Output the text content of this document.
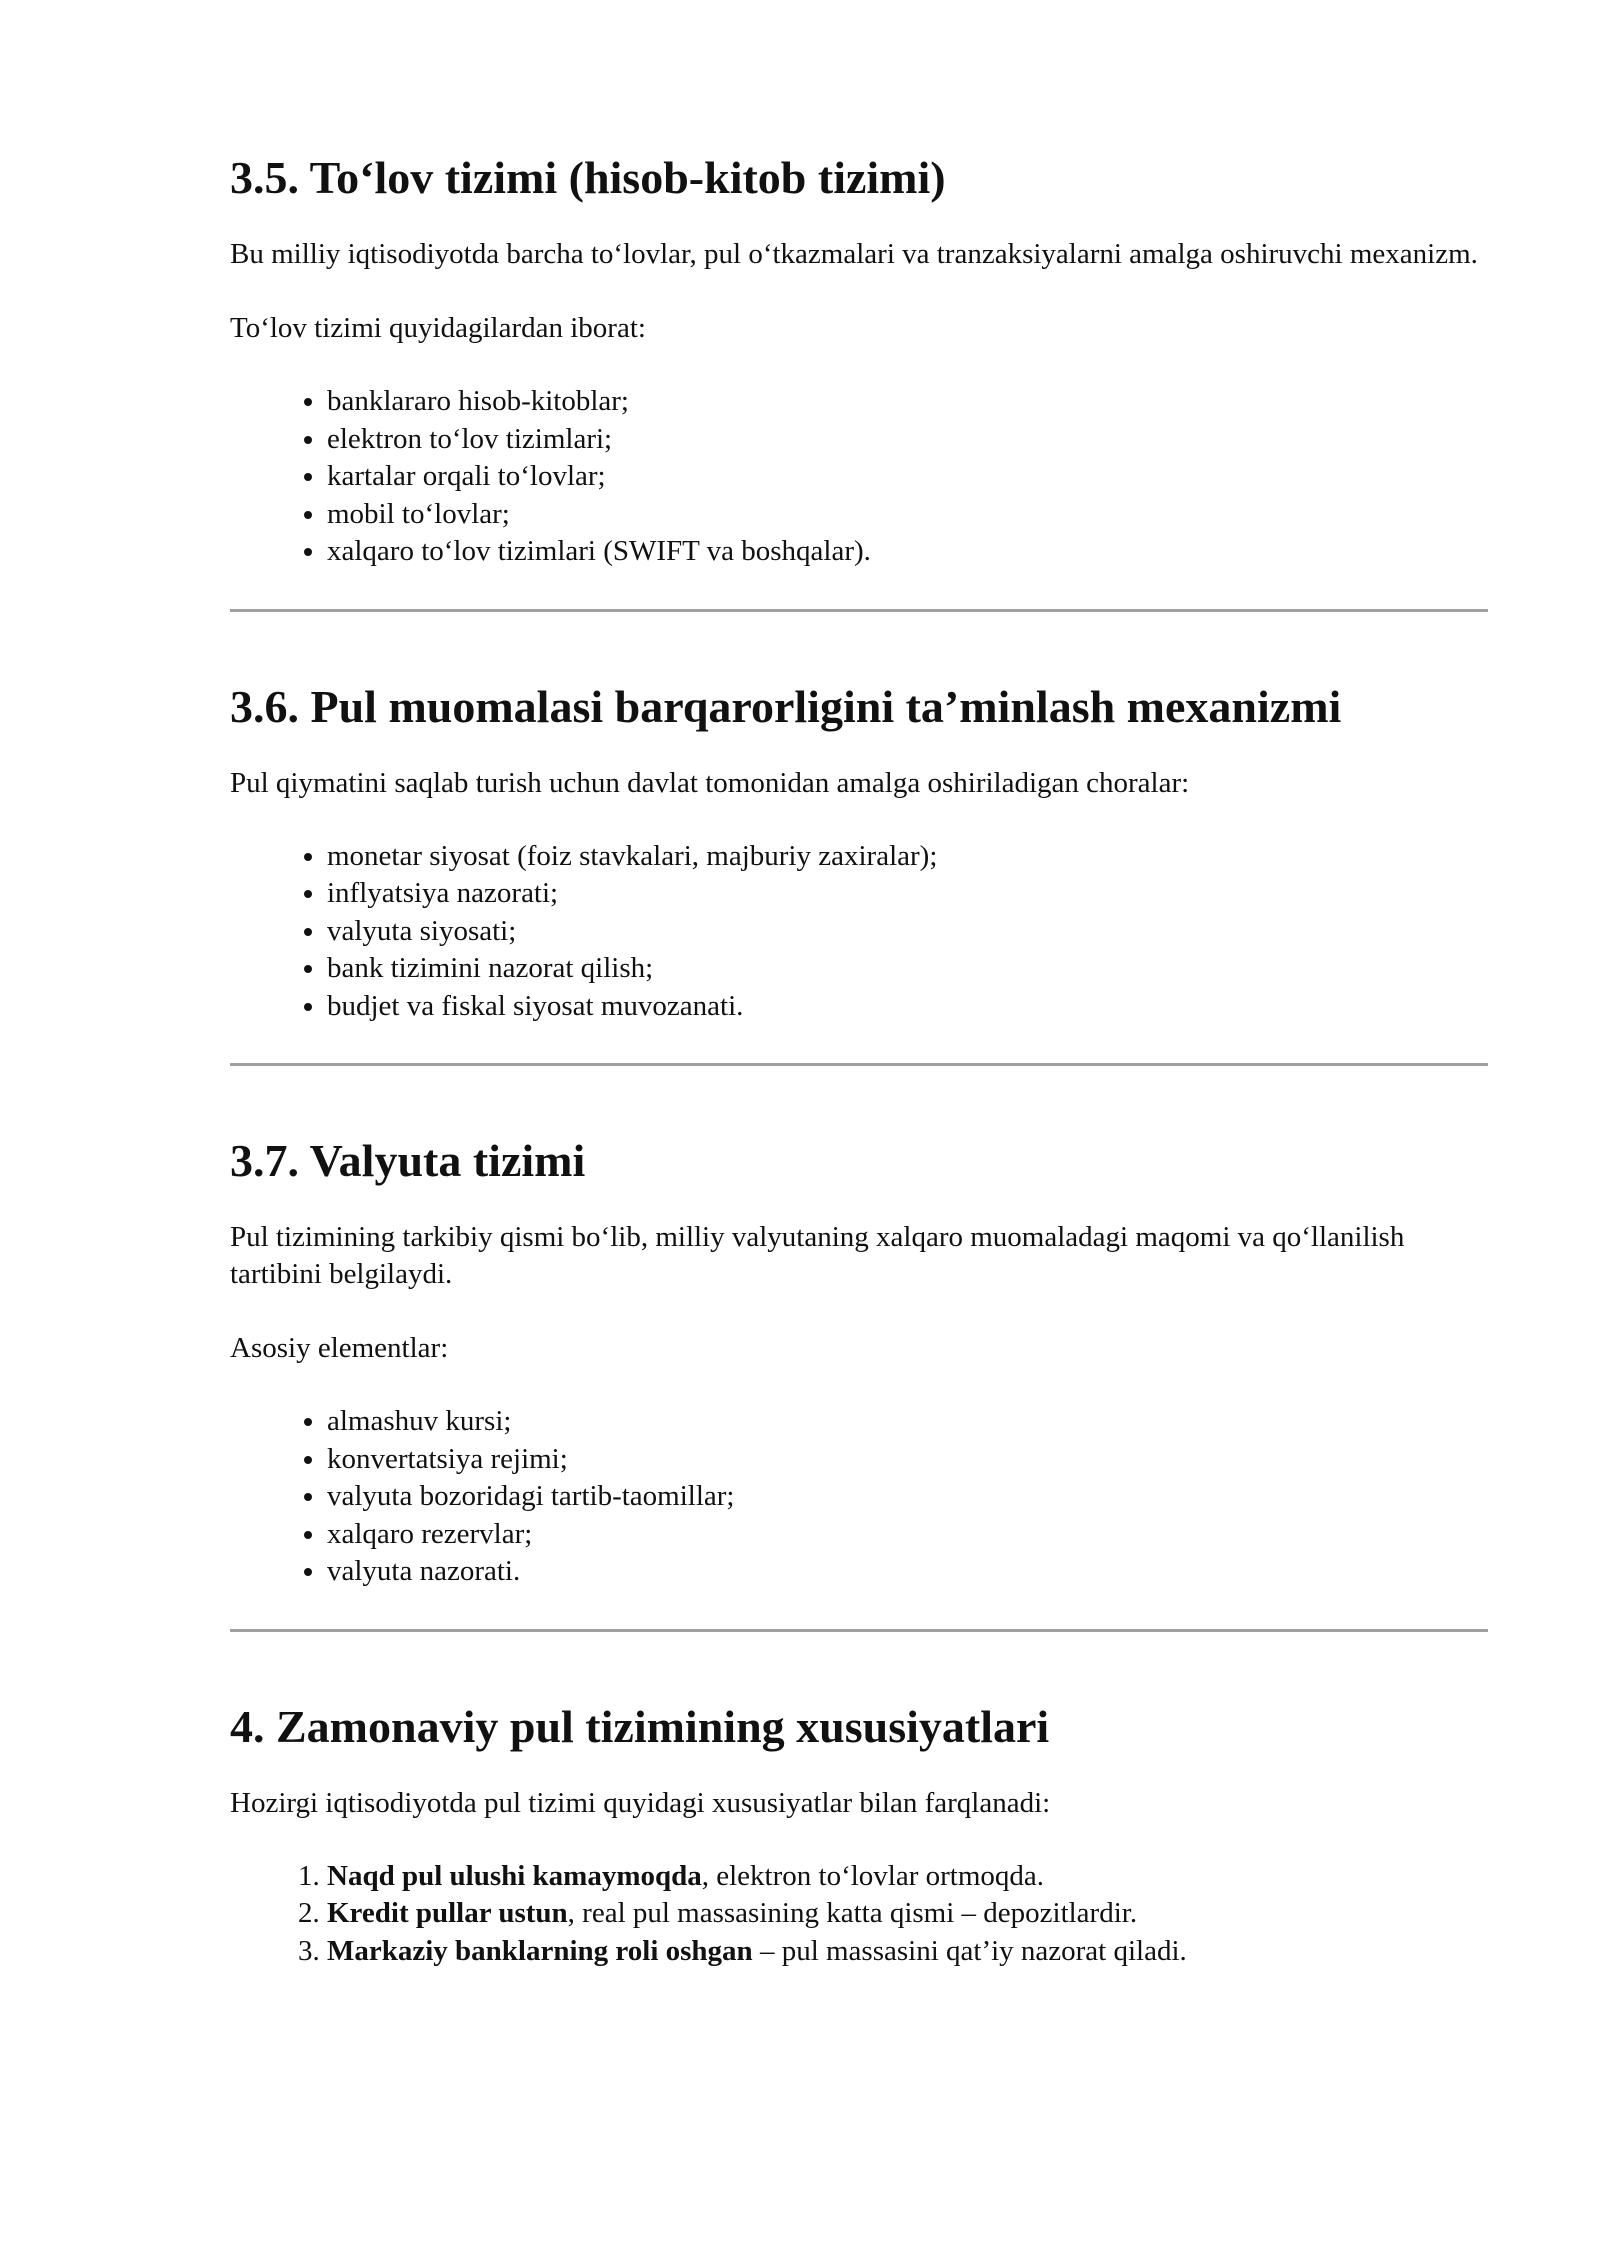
3.5. To‘lov tizimi (hisob-kitob tizimi)

Bu milliy iqtisodiyotda barcha to‘lovlar, pul o‘tkazmalari va tranzaksiyalarni amalga oshiruvchi mexanizm.

To‘lov tizimi quyidagilardan iborat:

• banklararo hisob-kitoblar;
• elektron to‘lov tizimlari;
• kartalar orqali to‘lovlar;
• mobil to‘lovlar;
• xalqaro to‘lov tizimlari (SWIFT va boshqalar).
3.6. Pul muomalasi barqarorligini ta’minlash mexanizmi

Pul qiymatini saqlab turish uchun davlat tomonidan amalga oshiriladigan choralar:

• monetar siyosat (foiz stavkalari, majburiy zaxiralar);
• inflyatsiya nazorati;
• valyuta siyosati;
• bank tizimini nazorat qilish;
• budjet va fiskal siyosat muvozanati.
3.7. Valyuta tizimi

Pul tizimining tarkibiy qismi bo‘lib, milliy valyutaning xalqaro muomaladagi maqomi va qo‘llanilish tartibini belgilaydi.

Asosiy elementlar:

• almashuv kursi;
• konvertatsiya rejimi;
• valyuta bozoridagi tartib-taomillar;
• xalqaro rezervlar;
• valyuta nazorati.
4. Zamonaviy pul tizimining xususiyatlari

Hozirgi iqtisodiyotda pul tizimi quyidagi xususiyatlar bilan farqlanadi:

1. Naqd pul ulushi kamaymoqda, elektron to‘lovlar ortmoqda.
2. Kredit pullar ustun, real pul massasining katta qismi – depozitlardir.
3. Markaziy banklarning roli oshgan – pul massasini qat’iy nazorat qiladi.
